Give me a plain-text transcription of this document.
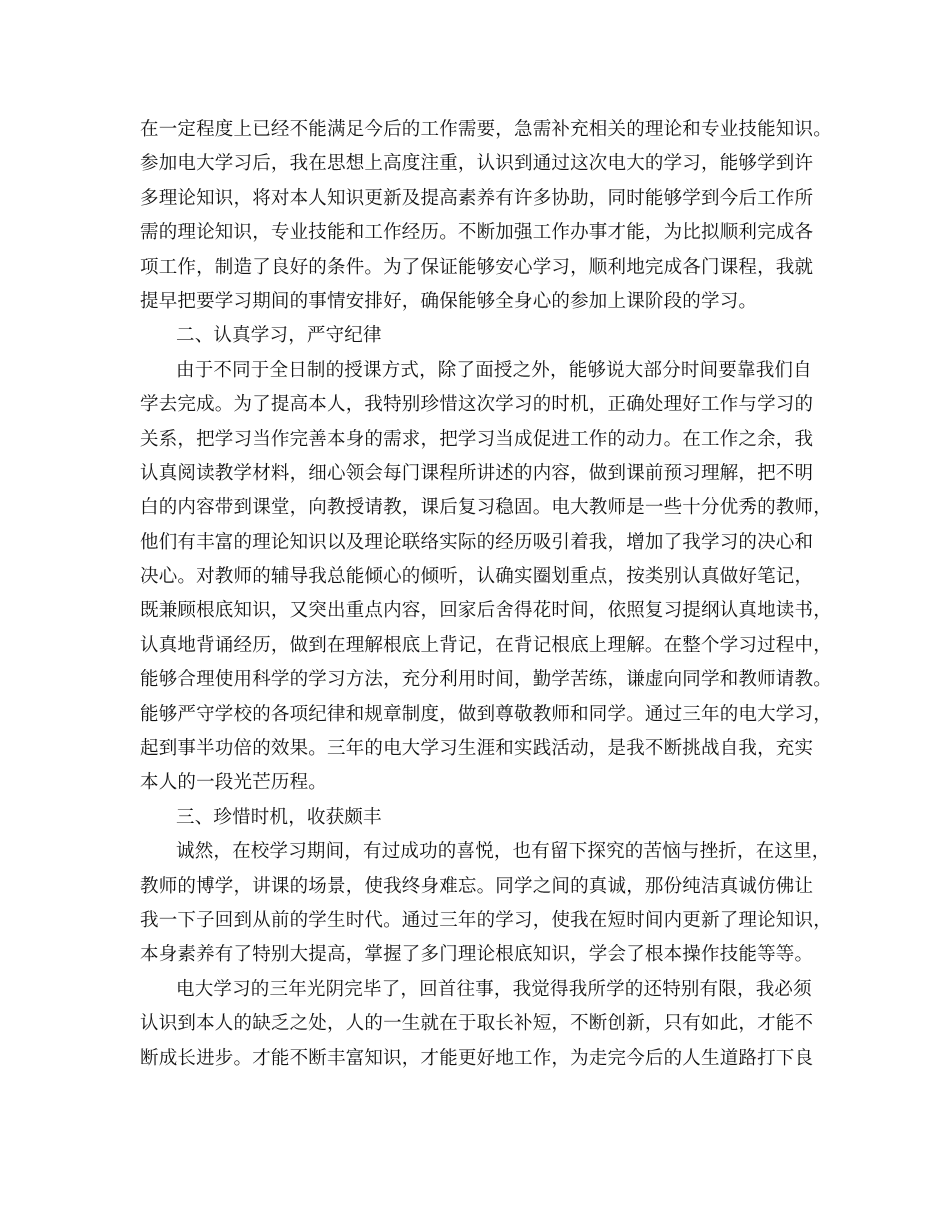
在一定程度上已经不能满足今后的工作需要，急需补充相关的理论和专业技能知识。
参加电大学习后，我在思想上高度注重，认识到通过这次电大的学习，能够学到许
多理论知识，将对本人知识更新及提高素养有许多协助，同时能够学到今后工作所
需的理论知识，专业技能和工作经历。不断加强工作办事才能，为比拟顺利完成各
项工作，制造了良好的条件。为了保证能够安心学习，顺利地完成各门课程，我就
提早把要学习期间的事情安排好，确保能够全身心的参加上课阶段的学习。
二、认真学习，严守纪律
由于不同于全日制的授课方式，除了面授之外，能够说大部分时间要靠我们自
学去完成。为了提高本人，我特别珍惜这次学习的时机，正确处理好工作与学习的
关系，把学习当作完善本身的需求，把学习当成促进工作的动力。在工作之余，我
认真阅读教学材料，细心领会每门课程所讲述的内容，做到课前预习理解，把不明
白的内容带到课堂，向教授请教，课后复习稳固。电大教师是一些十分优秀的教师，
他们有丰富的理论知识以及理论联络实际的经历吸引着我，增加了我学习的决心和
决心。对教师的辅导我总能倾心的倾听，认确实圈划重点，按类别认真做好笔记，
既兼顾根底知识，又突出重点内容，回家后舍得花时间，依照复习提纲认真地读书，
认真地背诵经历，做到在理解根底上背记，在背记根底上理解。在整个学习过程中，
能够合理使用科学的学习方法，充分利用时间，勤学苦练，谦虚向同学和教师请教。
能够严守学校的各项纪律和规章制度，做到尊敬教师和同学。通过三年的电大学习，
起到事半功倍的效果。三年的电大学习生涯和实践活动，是我不断挑战自我，充实
本人的一段光芒历程。
三、珍惜时机，收获颇丰
诚然，在校学习期间，有过成功的喜悦，也有留下探究的苦恼与挫折，在这里，
教师的博学，讲课的场景，使我终身难忘。同学之间的真诚，那份纯洁真诚仿佛让
我一下子回到从前的学生时代。通过三年的学习，使我在短时间内更新了理论知识，
本身素养有了特别大提高，掌握了多门理论根底知识，学会了根本操作技能等等。
电大学习的三年光阴完毕了，回首往事，我觉得我所学的还特别有限，我必须
认识到本人的缺乏之处，人的一生就在于取长补短，不断创新，只有如此，才能不
断成长进步。才能不断丰富知识，才能更好地工作，为走完今后的人生道路打下良
